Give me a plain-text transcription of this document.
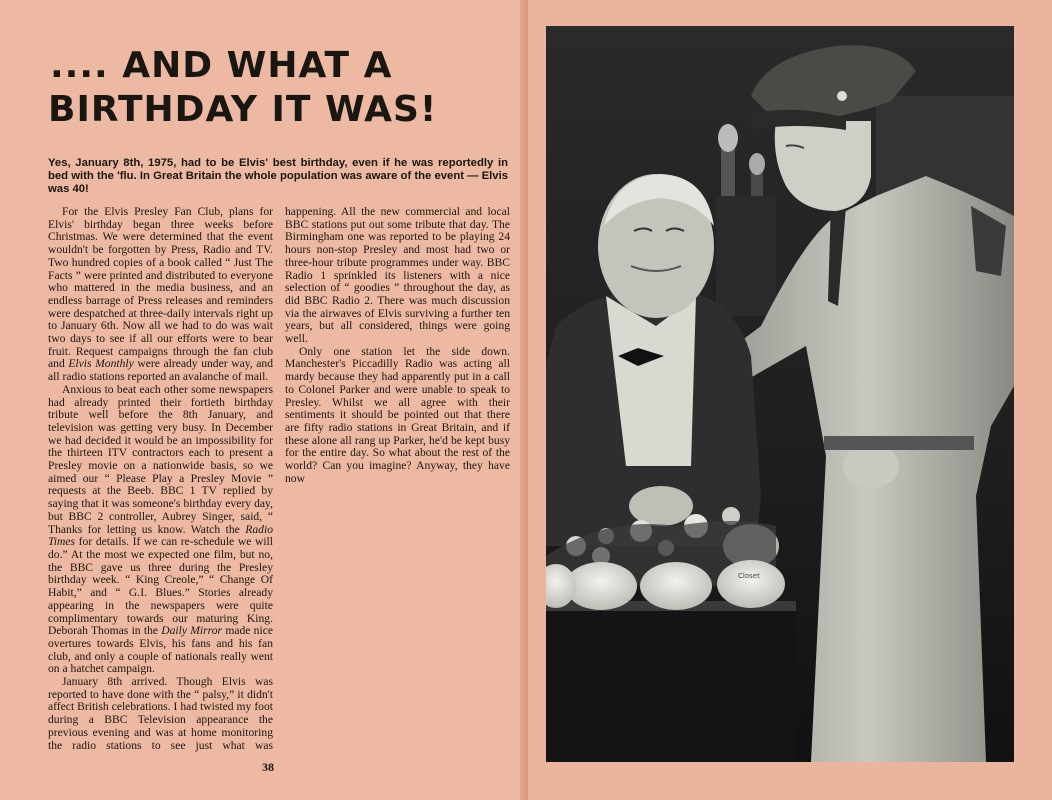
.... AND WHAT A
BIRTHDAY IT WAS!

Yes, January 8th, 1975, had to be Elvis' best birthday, even if he was reportedly in bed with the 'flu. In Great Britain the whole population was aware of the event — Elvis was 40!

For the Elvis Presley Fan Club, plans for Elvis' birthday began three weeks before Christmas. We were determined that the event wouldn't be forgotten by Press, Radio and TV. Two hundred copies of a book called “ Just The Facts ” were printed and distributed to everyone who mattered in the media business, and an endless barrage of Press releases and reminders were despatched at three-daily intervals right up to January 6th. Now all we had to do was wait two days to see if all our efforts were to bear fruit. Request campaigns through the fan club and Elvis Monthly were already under way, and all radio stations reported an avalanche of mail.

Anxious to beat each other some newspapers had already printed their fortieth birthday tribute well before the 8th January, and television was getting very busy. In December we had decided it would be an impossibility for the thirteen ITV contractors each to present a Presley movie on a nationwide basis, so we aimed our “ Please Play a Presley Movie ” requests at the Beeb. BBC 1 TV replied by saying that it was someone's birthday every day, but BBC 2 controller, Aubrey Singer, said, “ Thanks for letting us know. Watch the Radio Times for details. If we can re-schedule we will do.” At the most we expected one film, but no, the BBC gave us three during the Presley birthday week. “ King Creole,” “ Change Of Habit,” and “ G.I. Blues.” Stories already appearing in the newspapers were quite complimentary towards our maturing King. Deborah Thomas in the Daily Mirror made nice overtures towards Elvis, his fans and his fan club, and only a couple of nationals really went on a hatchet campaign.

January 8th arrived. Though Elvis was reported to have done with the “ palsy,” it didn't affect British celebrations. I had twisted my foot during a BBC Television appearance the previous evening and was at home monitoring the radio stations to see just what was happening. All the new commercial and local BBC stations put out some tribute that day. The Birmingham one was reported to be playing 24 hours non-stop Presley and most had two or three-hour tribute programmes under way. BBC Radio 1 sprinkled its listeners with a nice selection of “ goodies ” throughout the day, as did BBC Radio 2. There was much discussion via the airwaves of Elvis surviving a further ten years, but all considered, things were going well.

Only one station let the side down. Manchester's Piccadilly Radio was acting all mardy because they had apparently put in a call to Colonel Parker and were unable to speak to Presley. Whilst we all agree with their sentiments it should be pointed out that there are fifty radio stations in Great Britain, and if these alone all rang up Parker, he'd be kept busy for the entire day. So what about the rest of the world? Can you imagine? Anyway, they have now

38
Closet
